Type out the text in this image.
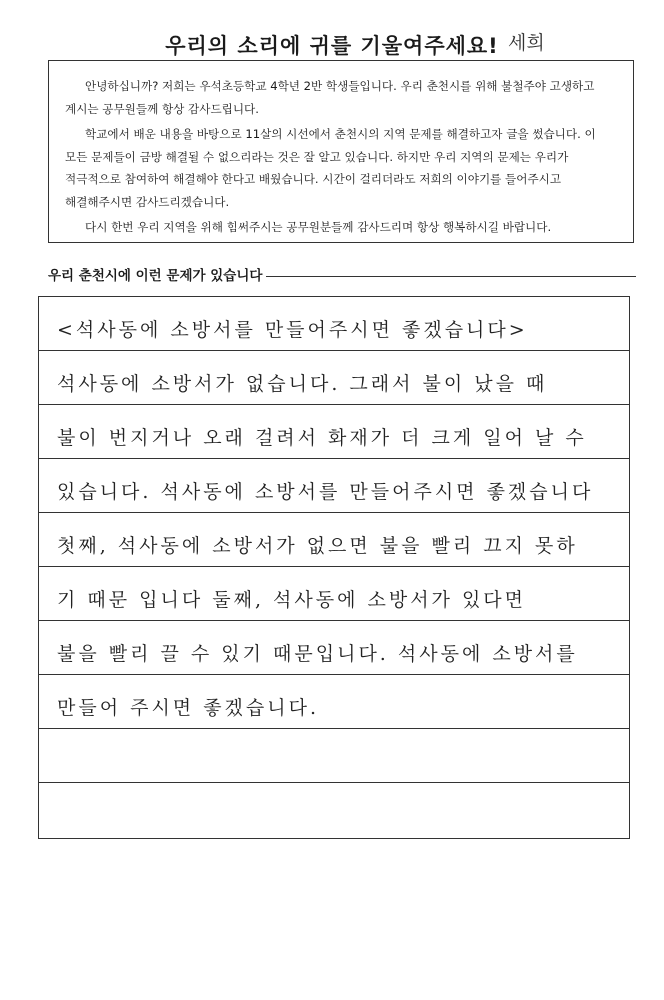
우리의 소리에 귀를 기울여주세요! 세희

안녕하십니까? 저희는 우석초등학교 4학년 2반 학생들입니다. 우리 춘천시를 위해 불철주야 고생하고 계시는 공무원들께 항상 감사드립니다.

학교에서 배운 내용을 바탕으로 11살의 시선에서 춘천시의 지역 문제를 해결하고자 글을 썼습니다. 이 모든 문제들이 금방 해결될 수 없으리라는 것은 잘 알고 있습니다. 하지만 우리 지역의 문제는 우리가 적극적으로 참여하여 해결해야 한다고 배웠습니다. 시간이 걸리더라도 저희의 이야기를 들어주시고 해결해주시면 감사드리겠습니다.

다시 한번 우리 지역을 위해 힘써주시는 공무원분들께 감사드리며 항상 행복하시길 바랍니다.

우리 춘천시에 이런 문제가 있습니다
<석사동에 소방서를 만들어주시면 좋겠습니다>
석사동에 소방서가 없습니다. 그래서 불이 났을 때
불이 번지거나 오래 걸려서 화재가 더 크게 일어 날 수
있습니다. 석사동에 소방서를 만들어주시면 좋겠습니다
첫째, 석사동에 소방서가 없으면 불을 빨리 끄지 못하
기 때문 입니다 둘째, 석사동에 소방서가 있다면
불을 빨리 끌 수 있기 때문입니다. 석사동에 소방서를
만들어 주시면 좋겠습니다.
